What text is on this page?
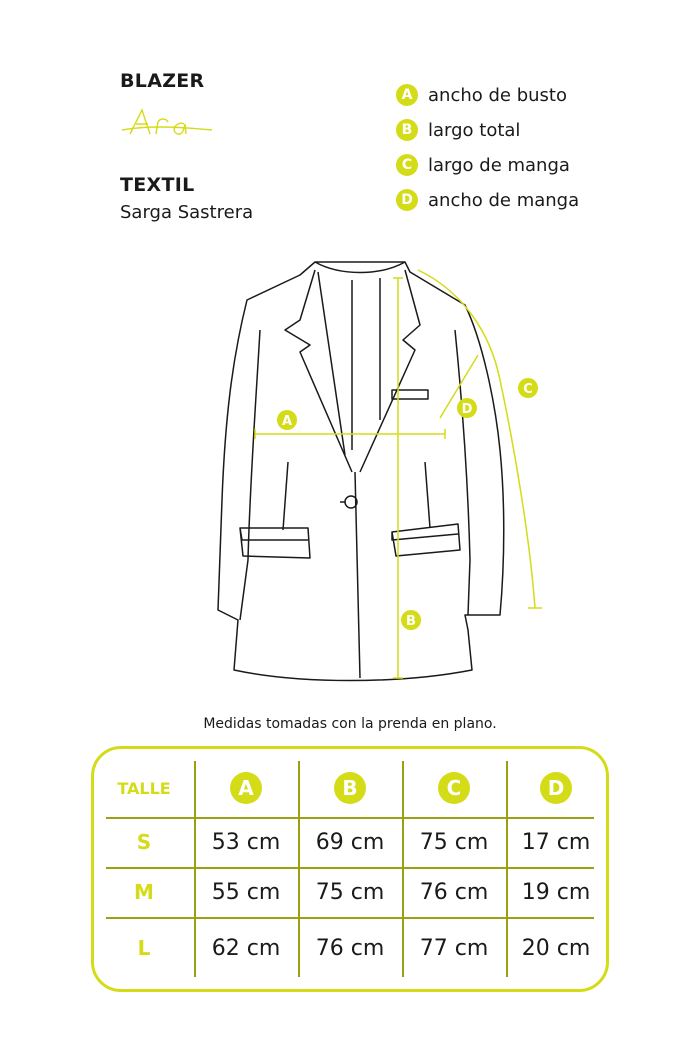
BLAZER
TEXTIL
Sarga Sastrera
A ancho de busto
B largo total
C largo de manga
D ancho de manga
A
B
C
D
Medidas tomadas con la prenda en plano.
TALLE	A	B	C	D
S	53 cm	69 cm	75 cm	17 cm
M	55 cm	75 cm	76 cm	19 cm
L	62 cm	76 cm	77 cm	20 cm
